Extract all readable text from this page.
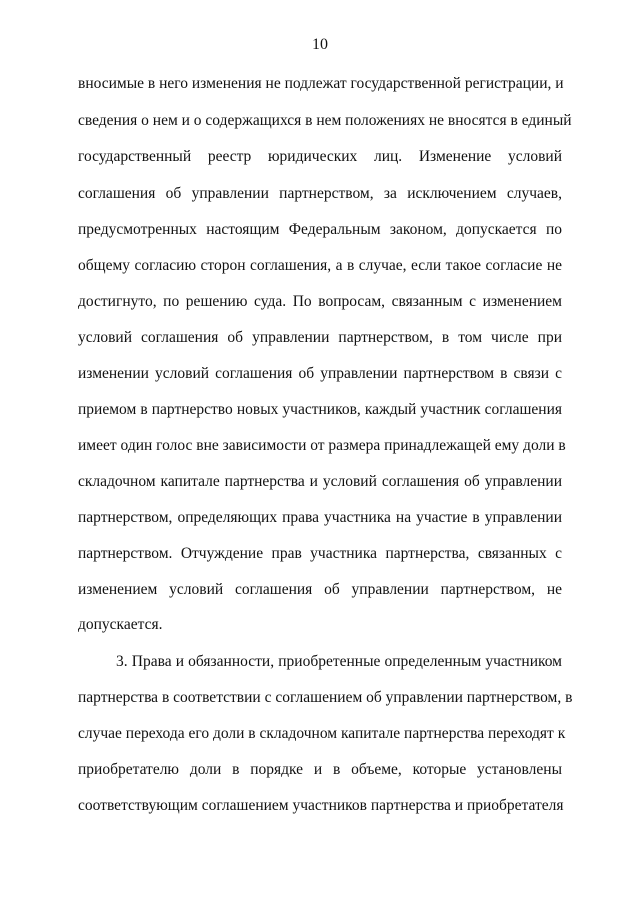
10
вносимые в него изменения не подлежат государственной регистрации, и
сведения о нем и о содержащихся в нем положениях не вносятся в единый
государственный реестр юридических лиц. Изменение условий
соглашения об управлении партнерством, за исключением случаев,
предусмотренных настоящим Федеральным законом, допускается по
общему согласию сторон соглашения, а в случае, если такое согласие не
достигнуто, по решению суда. По вопросам, связанным с изменением
условий соглашения об управлении партнерством, в том числе при
изменении условий соглашения об управлении партнерством в связи с
приемом в партнерство новых участников, каждый участник соглашения
имеет один голос вне зависимости от размера принадлежащей ему доли в
складочном капитале партнерства и условий соглашения об управлении
партнерством, определяющих права участника на участие в управлении
партнерством. Отчуждение прав участника партнерства, связанных с
изменением условий соглашения об управлении партнерством, не
допускается.
3. Права и обязанности, приобретенные определенным участником
партнерства в соответствии с соглашением об управлении партнерством, в
случае перехода его доли в складочном капитале партнерства переходят к
приобретателю доли в порядке и в объеме, которые установлены
соответствующим соглашением участников партнерства и приобретателя
